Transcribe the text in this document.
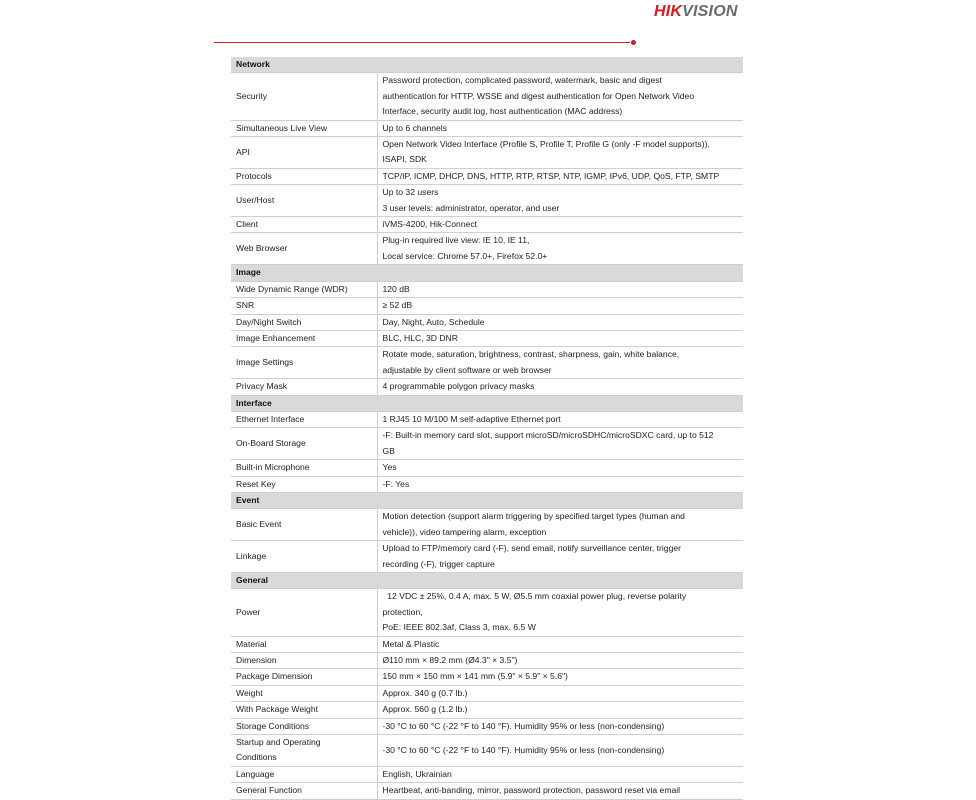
HIKVISION
Network	
Security	Password protection, complicated password, watermark, basic and digest
authentication for HTTP, WSSE and digest authentication for Open Network Video
Interface, security audit log, host authentication (MAC address)

Simultaneous Live View	Up to 6 channels

API	Open Network Video Interface (Profile S, Profile T, Profile G (only -F model supports)),
ISAPI, SDK

Protocols	TCP/IP, ICMP, DHCP, DNS, HTTP, RTP, RTSP, NTP, IGMP, IPv6, UDP, QoS, FTP, SMTP

User/Host	Up to 32 users
3 user levels: administrator, operator, and user

Client	iVMS-4200, Hik-Connect

Web Browser	Plug-in required live view: IE 10, IE 11,
Local service: Chrome 57.0+, Firefox 52.0+

Image	
Wide Dynamic Range (WDR)	120 dB

SNR	≥ 52 dB

Day/Night Switch	Day, Night, Auto, Schedule

Image Enhancement	BLC, HLC, 3D DNR

Image Settings	Rotate mode, saturation, brightness, contrast, sharpness, gain, white balance,
adjustable by client software or web browser

Privacy Mask	4 programmable polygon privacy masks

Interface	
Ethernet Interface	1 RJ45 10 M/100 M self-adaptive Ethernet port

On-Board Storage	-F: Built-in memory card slot, support microSD/microSDHC/microSDXC card, up to 512
GB

Built-in Microphone	Yes

Reset Key	-F: Yes

Event	
Basic Event	Motion detection (support alarm triggering by specified target types (human and
vehicle)), video tampering alarm, exception

Linkage	Upload to FTP/memory card (-F), send email, notify surveillance center, trigger
recording (-F), trigger capture

General	
Power	12 VDC ± 25%, 0.4 A, max. 5 W, Ø5.5 mm coaxial power plug, reverse polarity
protection,
PoE: IEEE 802.3af, Class 3, max. 6.5 W

Material	Metal & Plastic

Dimension	Ø110 mm × 89.2 mm (Ø4.3" × 3.5")

Package Dimension	150 mm × 150 mm × 141 mm (5.9" × 5.9" × 5.6")

Weight	Approx. 340 g (0.7 lb.)

With Package Weight	Approx. 560 g (1.2 lb.)

Storage Conditions	-30 °C to 60 °C (-22 °F to 140 °F). Humidity 95% or less (non-condensing)

Startup and Operating
Conditions	-30 °C to 60 °C (-22 °F to 140 °F). Humidity 95% or less (non-condensing)

Language	English, Ukrainian

General Function	Heartbeat, anti-banding, mirror, password protection, password reset via email
